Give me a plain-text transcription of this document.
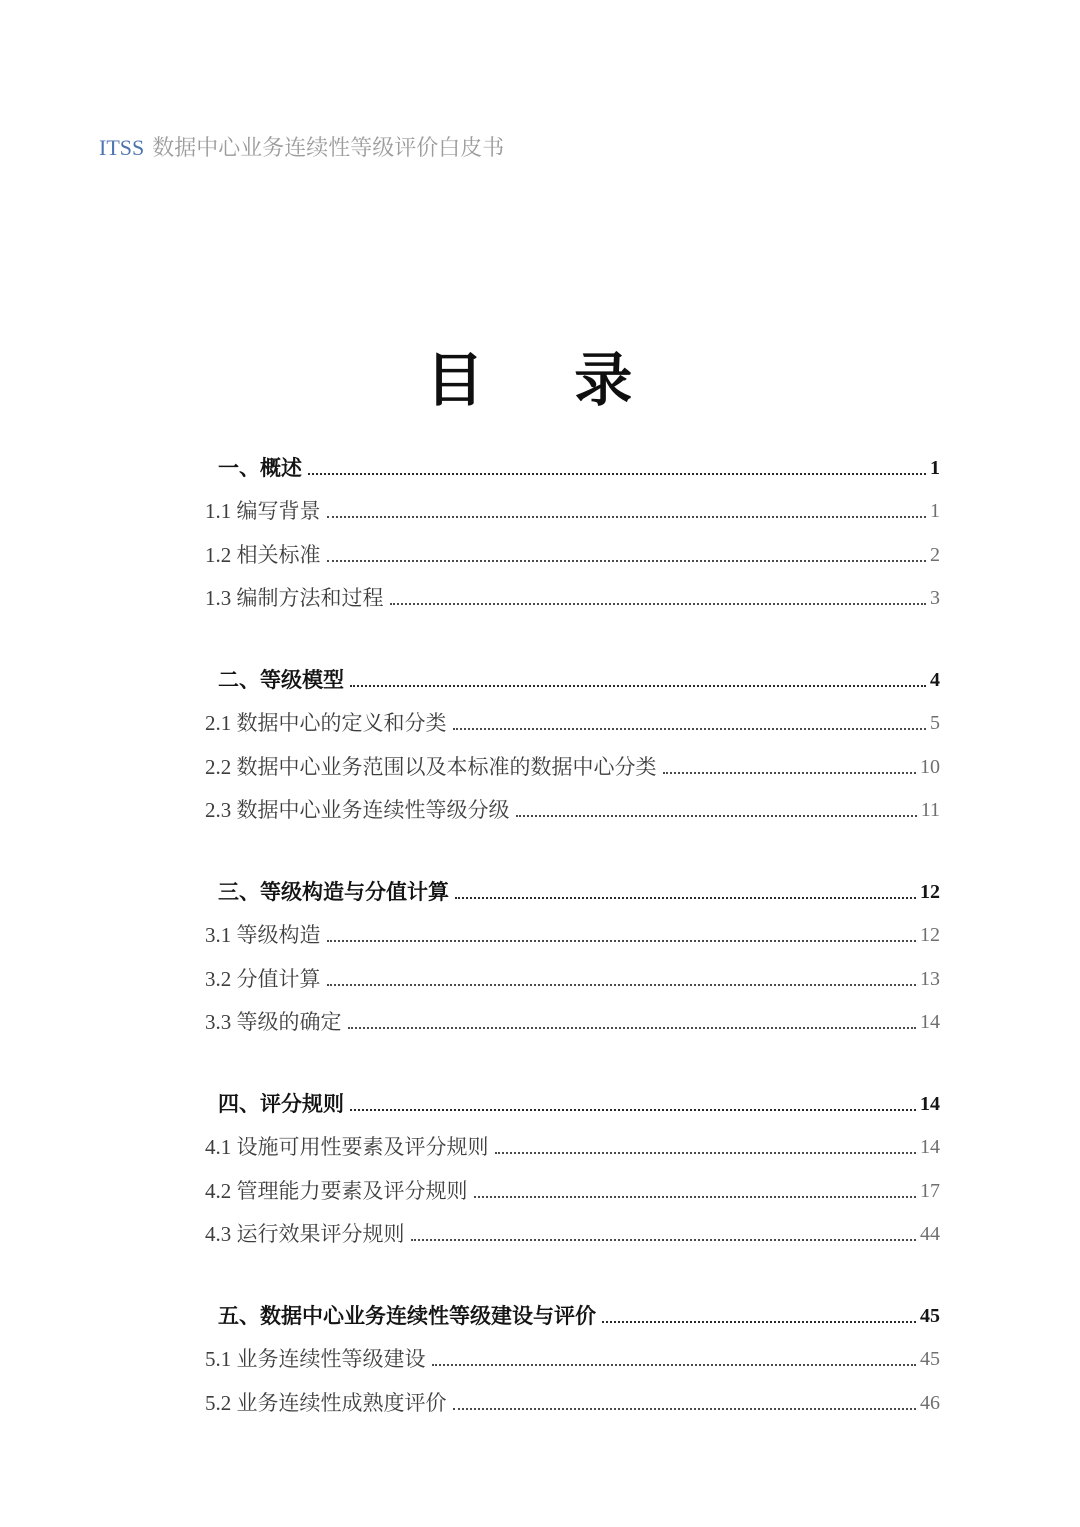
ITSS 数据中心业务连续性等级评价白皮书
目 录
一、概述	1
1.1 编写背景	1
1.2 相关标准	2
1.3 编制方法和过程	3
二、等级模型	4
2.1 数据中心的定义和分类	5
2.2 数据中心业务范围以及本标准的数据中心分类	10
2.3 数据中心业务连续性等级分级	11
三、等级构造与分值计算	12
3.1 等级构造	12
3.2 分值计算	13
3.3 等级的确定	14
四、评分规则	14
4.1 设施可用性要素及评分规则	14
4.2 管理能力要素及评分规则	17
4.3 运行效果评分规则	44
五、数据中心业务连续性等级建设与评价	45
5.1 业务连续性等级建设	45
5.2 业务连续性成熟度评价	46
